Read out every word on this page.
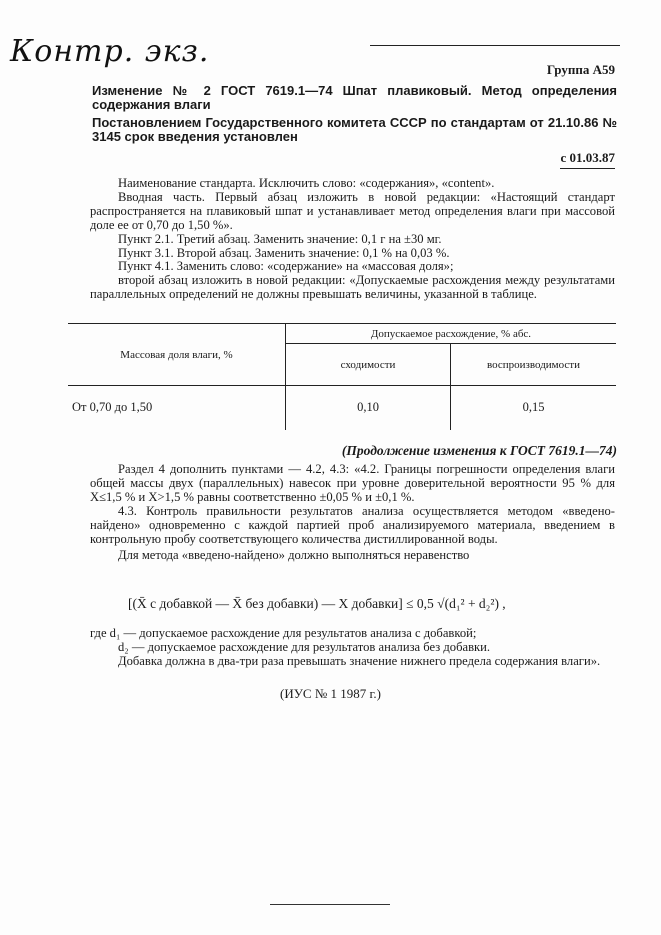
Контр. экз.
Группа А59
Изменение № 2 ГОСТ 7619.1—74 Шпат плавиковый. Метод определения содержания влаги
Постановлением Государственного комитета СССР по стандартам от 21.10.86 № 3145 срок введения установлен
с 01.03.87

Наименование стандарта. Исключить слово: «содержания», «content».

Вводная часть. Первый абзац изложить в новой редакции: «Настоящий стандарт распространяется на плавиковый шпат и устанавливает метод определения влаги при массовой доле ее от 0,70 до 1,50 %».

Пункт 2.1. Третий абзац. Заменить значение: 0,1 г на ±30 мг.

Пункт 3.1. Второй абзац. Заменить значение: 0,1 % на 0,03 %.

Пункт 4.1. Заменить слово: «содержание» на «массовая доля»;

второй абзац изложить в новой редакции: «Допускаемые расхождения между результатами параллельных определений не должны превышать величины, указанной в таблице.

Массовая доля влаги, %	Допускаемое расхождение, % абс.	
	сходимости	воспроизводимости
От 0,70 до 1,50	0,10	0,15
(Продолжение изменения к ГОСТ 7619.1—74)

Раздел 4 дополнить пунктами — 4.2, 4.3: «4.2. Границы погрешности определения влаги общей массы двух (параллельных) навесок при уровне доверительной вероятности 95 % для X≤1,5 % и X>1,5 % равны соответственно ±0,05 % и ±0,1 %.

4.3. Контроль правильности результатов анализа осуществляется методом «введено-найдено» одновременно с каждой партией проб анализируемого материала, введением в контрольную пробу соответствующего количества дистиллированной воды.

Для метода «введено-найдено» должно выполняться неравенство

[(X̄ с добавкой — X̄ без добавки) — X добавки] ≤ 0,5 √(d₁² + d₂²) ,

где d₁ — допускаемое расхождение для результатов анализа с добавкой;

d₂ — допускаемое расхождение для результатов анализа без добавки.

Добавка должна в два-три раза превышать значение нижнего предела содержания влаги».

(ИУС № 1 1987 г.)
